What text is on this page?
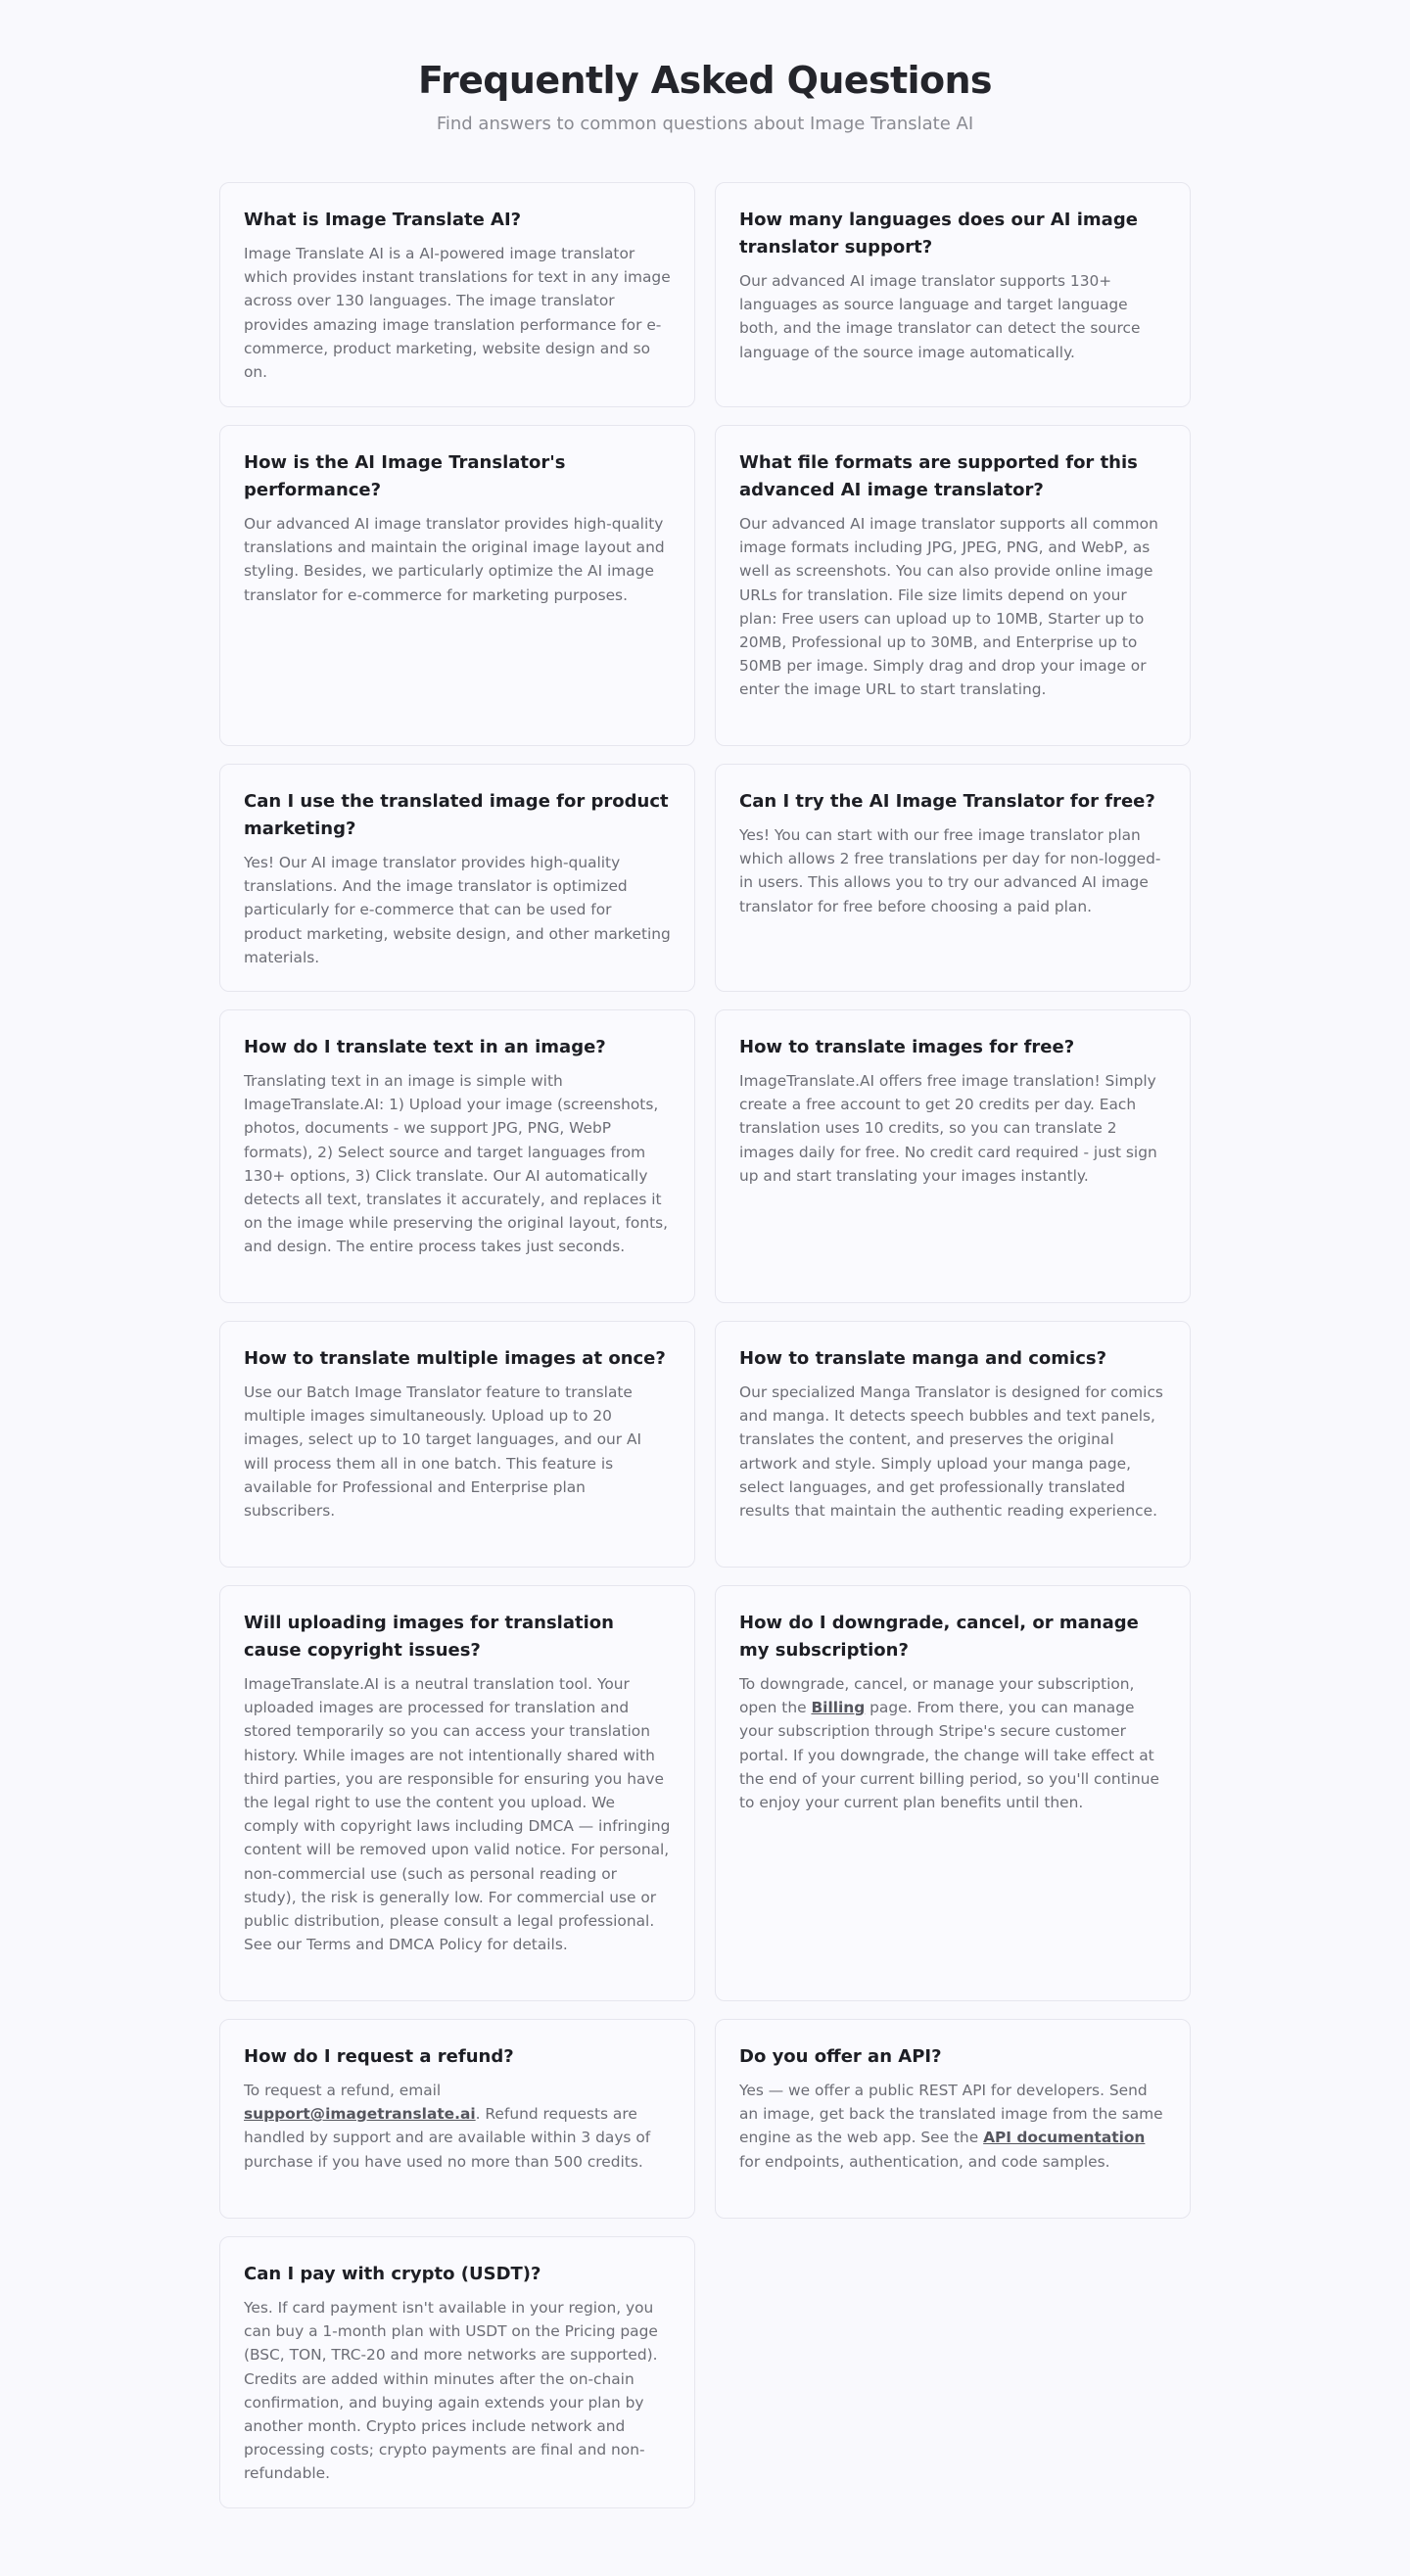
Frequently Asked Questions

Find answers to common questions about Image Translate AI

What is Image Translate AI?

Image Translate AI is a AI-powered image translator which provides instant translations for text in any image across over 130 languages. The image translator provides amazing image translation performance for e-commerce, product marketing, website design and so on.

How many languages does our AI image translator support?

Our advanced AI image translator supports 130+ languages as source language and target language both, and the image translator can detect the source language of the source image automatically.

How is the AI Image Translator's performance?

Our advanced AI image translator provides high-quality translations and maintain the original image layout and styling. Besides, we particularly optimize the AI image translator for e-commerce for marketing purposes.

What file formats are supported for this advanced AI image translator?

Our advanced AI image translator supports all common image formats including JPG, JPEG, PNG, and WebP, as well as screenshots. You can also provide online image URLs for translation. File size limits depend on your plan: Free users can upload up to 10MB, Starter up to 20MB, Professional up to 30MB, and Enterprise up to 50MB per image. Simply drag and drop your image or enter the image URL to start translating.

Can I use the translated image for product marketing?

Yes! Our AI image translator provides high-quality translations. And the image translator is optimized particularly for e-commerce that can be used for product marketing, website design, and other marketing materials.

Can I try the AI Image Translator for free?

Yes! You can start with our free image translator plan which allows 2 free translations per day for non-logged-in users. This allows you to try our advanced AI image translator for free before choosing a paid plan.

How do I translate text in an image?

Translating text in an image is simple with ImageTranslate.AI: 1) Upload your image (screenshots, photos, documents - we support JPG, PNG, WebP formats), 2) Select source and target languages from 130+ options, 3) Click translate. Our AI automatically detects all text, translates it accurately, and replaces it on the image while preserving the original layout, fonts, and design. The entire process takes just seconds.

How to translate images for free?

ImageTranslate.AI offers free image translation! Simply create a free account to get 20 credits per day. Each translation uses 10 credits, so you can translate 2 images daily for free. No credit card required - just sign up and start translating your images instantly.

How to translate multiple images at once?

Use our Batch Image Translator feature to translate multiple images simultaneously. Upload up to 20 images, select up to 10 target languages, and our AI will process them all in one batch. This feature is available for Professional and Enterprise plan subscribers.

How to translate manga and comics?

Our specialized Manga Translator is designed for comics and manga. It detects speech bubbles and text panels, translates the content, and preserves the original artwork and style. Simply upload your manga page, select languages, and get professionally translated results that maintain the authentic reading experience.

Will uploading images for translation cause copyright issues?

ImageTranslate.AI is a neutral translation tool. Your uploaded images are processed for translation and stored temporarily so you can access your translation history. While images are not intentionally shared with third parties, you are responsible for ensuring you have the legal right to use the content you upload. We comply with copyright laws including DMCA — infringing content will be removed upon valid notice. For personal, non-commercial use (such as personal reading or study), the risk is generally low. For commercial use or public distribution, please consult a legal professional. See our Terms and DMCA Policy for details.

How do I downgrade, cancel, or manage my subscription?

To downgrade, cancel, or manage your subscription, open the Billing page. From there, you can manage your subscription through Stripe's secure customer portal. If you downgrade, the change will take effect at the end of your current billing period, so you'll continue to enjoy your current plan benefits until then.

How do I request a refund?

To request a refund, email support@imagetranslate.ai. Refund requests are handled by support and are available within 3 days of purchase if you have used no more than 500 credits.

Do you offer an API?

Yes — we offer a public REST API for developers. Send an image, get back the translated image from the same engine as the web app. See the API documentation for endpoints, authentication, and code samples.

Can I pay with crypto (USDT)?

Yes. If card payment isn't available in your region, you can buy a 1-month plan with USDT on the Pricing page (BSC, TON, TRC-20 and more networks are supported). Credits are added within minutes after the on-chain confirmation, and buying again extends your plan by another month. Crypto prices include network and processing costs; crypto payments are final and non-refundable.
